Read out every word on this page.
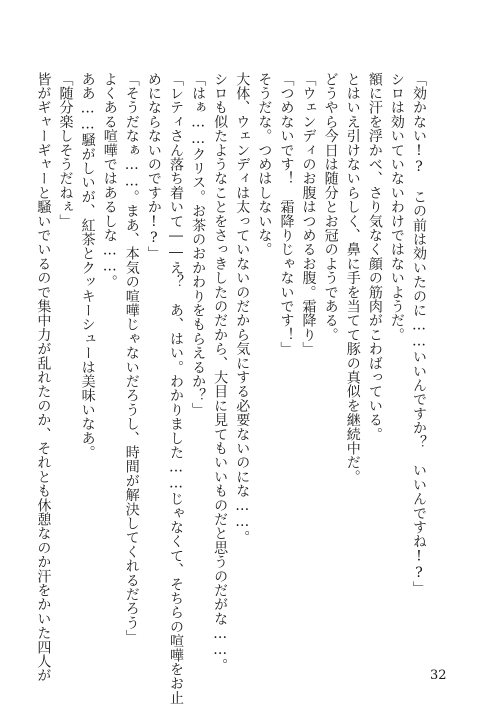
「効かない!?　この前は効いたのに……いいんですか？　いいんですね!?」
シロは効いていないわけではないようだ。
額に汗を浮かべ、さり気なく顔の筋肉がこわばっている。
とはいえ引けないらしく、鼻に手を当てて豚の真似を継続中だ。
どうやら今日は随分とお冠のようである。
「ウェンディのお腹はつめるお腹。霜降り」
「つめないです！　霜降りじゃないです！」
そうだな。つめはしないな。
大体、ウェンディは太っていないのだから気にする必要ないのにな……。
シロも似たようなことをさっきしたのだから、大目に見てもいいものだと思うのだがな……。
「はぁ……クリス。お茶のおかわりをもらえるか？」
「レティさん落ち着いて――え？　あ、はい。わかりました……じゃなくて、そちらの喧嘩をお止
めにならないのですか!?」
「そうだなぁ……。まあ、本気の喧嘩じゃないだろうし、時間が解決してくれるだろう」
よくある喧嘩ではあるしな……。
ああ……騒がしいが、紅茶とクッキーシューは美味いなあ。
「随分楽しそうだねぇ」
皆がギャーギャーと騒いでいるので集中力が乱れたのか、それとも休憩なのか汗をかいた四人が	32
